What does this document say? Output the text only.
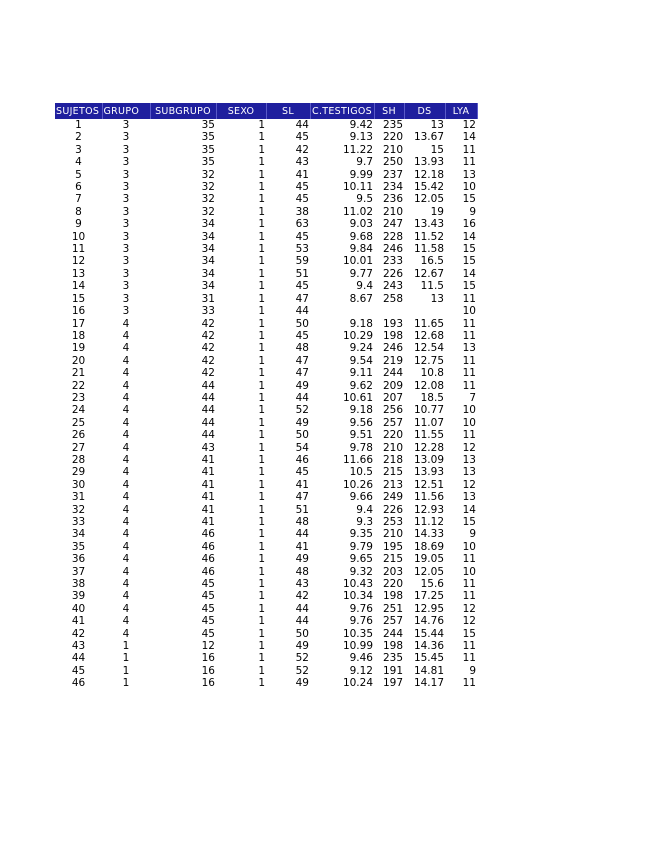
SUJETOS	GRUPO	SUBGRUPO	SEXO	SL	C.TESTIGOS	SH	DS	LYA
1	3	35	1	44	9.42	235	13	12
2	3	35	1	45	9.13	220	13.67	14
3	3	35	1	42	11.22	210	15	11
4	3	35	1	43	9.7	250	13.93	11
5	3	32	1	41	9.99	237	12.18	13
6	3	32	1	45	10.11	234	15.42	10
7	3	32	1	45	9.5	236	12.05	15
8	3	32	1	38	11.02	210	19	9
9	3	34	1	63	9.03	247	13.43	16
10	3	34	1	45	9.68	228	11.52	14
11	3	34	1	53	9.84	246	11.58	15
12	3	34	1	59	10.01	233	16.5	15
13	3	34	1	51	9.77	226	12.67	14
14	3	34	1	45	9.4	243	11.5	15
15	3	31	1	47	8.67	258	13	11
16	3	33	1	44				10
17	4	42	1	50	9.18	193	11.65	11
18	4	42	1	45	10.29	198	12.68	11
19	4	42	1	48	9.24	246	12.54	13
20	4	42	1	47	9.54	219	12.75	11
21	4	42	1	47	9.11	244	10.8	11
22	4	44	1	49	9.62	209	12.08	11
23	4	44	1	44	10.61	207	18.5	7
24	4	44	1	52	9.18	256	10.77	10
25	4	44	1	49	9.56	257	11.07	10
26	4	44	1	50	9.51	220	11.55	11
27	4	43	1	54	9.78	210	12.28	12
28	4	41	1	46	11.66	218	13.09	13
29	4	41	1	45	10.5	215	13.93	13
30	4	41	1	41	10.26	213	12.51	12
31	4	41	1	47	9.66	249	11.56	13
32	4	41	1	51	9.4	226	12.93	14
33	4	41	1	48	9.3	253	11.12	15
34	4	46	1	44	9.35	210	14.33	9
35	4	46	1	41	9.79	195	18.69	10
36	4	46	1	49	9.65	215	19.05	11
37	4	46	1	48	9.32	203	12.05	10
38	4	45	1	43	10.43	220	15.6	11
39	4	45	1	42	10.34	198	17.25	11
40	4	45	1	44	9.76	251	12.95	12
41	4	45	1	44	9.76	257	14.76	12
42	4	45	1	50	10.35	244	15.44	15
43	1	12	1	49	10.99	198	14.36	11
44	1	16	1	52	9.46	235	15.45	11
45	1	16	1	52	9.12	191	14.81	9
46	1	16	1	49	10.24	197	14.17	11
